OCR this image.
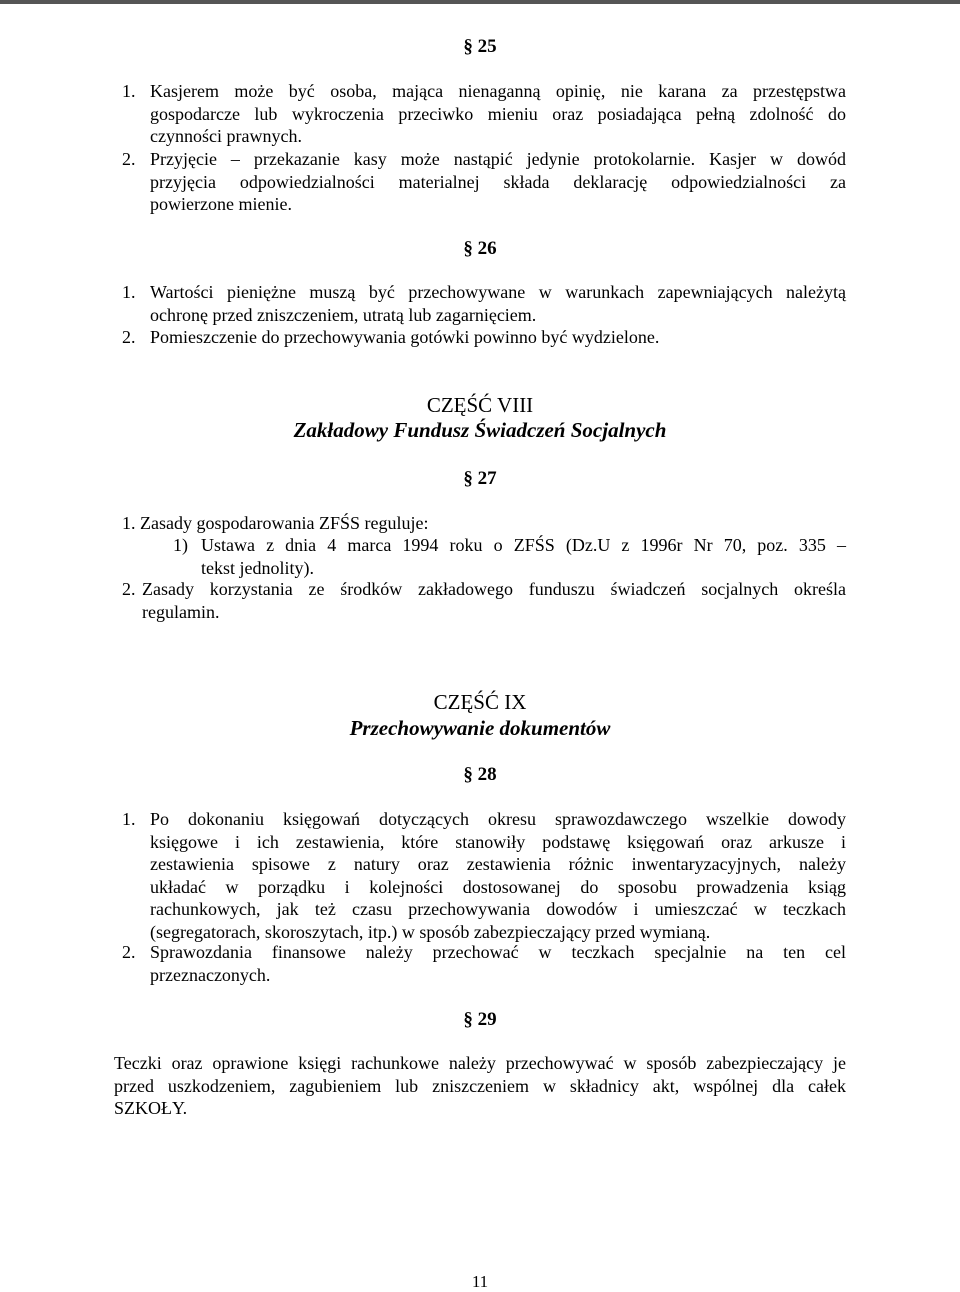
§ 25
1. Kasjerem może być osoba, mająca nienaganną opinię, nie karana za przestępstwa
gospodarcze lub wykroczenia przeciwko mieniu oraz posiadająca pełną zdolność do
czynności prawnych.
2. Przyjęcie – przekazanie kasy może nastąpić jedynie protokolarnie. Kasjer w dowód
przyjęcia odpowiedzialności materialnej składa deklarację odpowiedzialności za
powierzone mienie.
§ 26
1. Wartości pieniężne muszą być przechowywane w warunkach zapewniających należytą
ochronę przed zniszczeniem, utratą lub zagarnięciem.
2. Pomieszczenie do przechowywania gotówki powinno być wydzielone.
CZĘŚĆ VIII
Zakładowy Fundusz Świadczeń Socjalnych
§ 27
1. Zasady gospodarowania ZFŚS reguluje:
1) Ustawa z dnia 4 marca 1994 roku o ZFŚS (Dz.U z 1996r Nr 70, poz. 335 –
tekst jednolity).
2. Zasady korzystania ze środków zakładowego funduszu świadczeń socjalnych określa
regulamin.
CZĘŚĆ IX
Przechowywanie dokumentów
§ 28
1. Po dokonaniu księgowań dotyczących okresu sprawozdawczego wszelkie dowody
księgowe i ich zestawienia, które stanowiły podstawę księgowań oraz arkusze i
zestawienia spisowe z natury oraz zestawienia różnic inwentaryzacyjnych, należy
układać w porządku i kolejności dostosowanej do sposobu prowadzenia ksiąg
rachunkowych, jak też czasu przechowywania dowodów i umieszczać w teczkach
(segregatorach, skoroszytach, itp.) w sposób zabezpieczający przed wymianą.
2. Sprawozdania finansowe należy przechować w teczkach specjalnie na ten cel
przeznaczonych.
§ 29
Teczki oraz oprawione księgi rachunkowe należy przechowywać w sposób zabezpieczający je
przed uszkodzeniem, zagubieniem lub zniszczeniem w składnicy akt, wspólnej dla całek
SZKOŁY.
11
